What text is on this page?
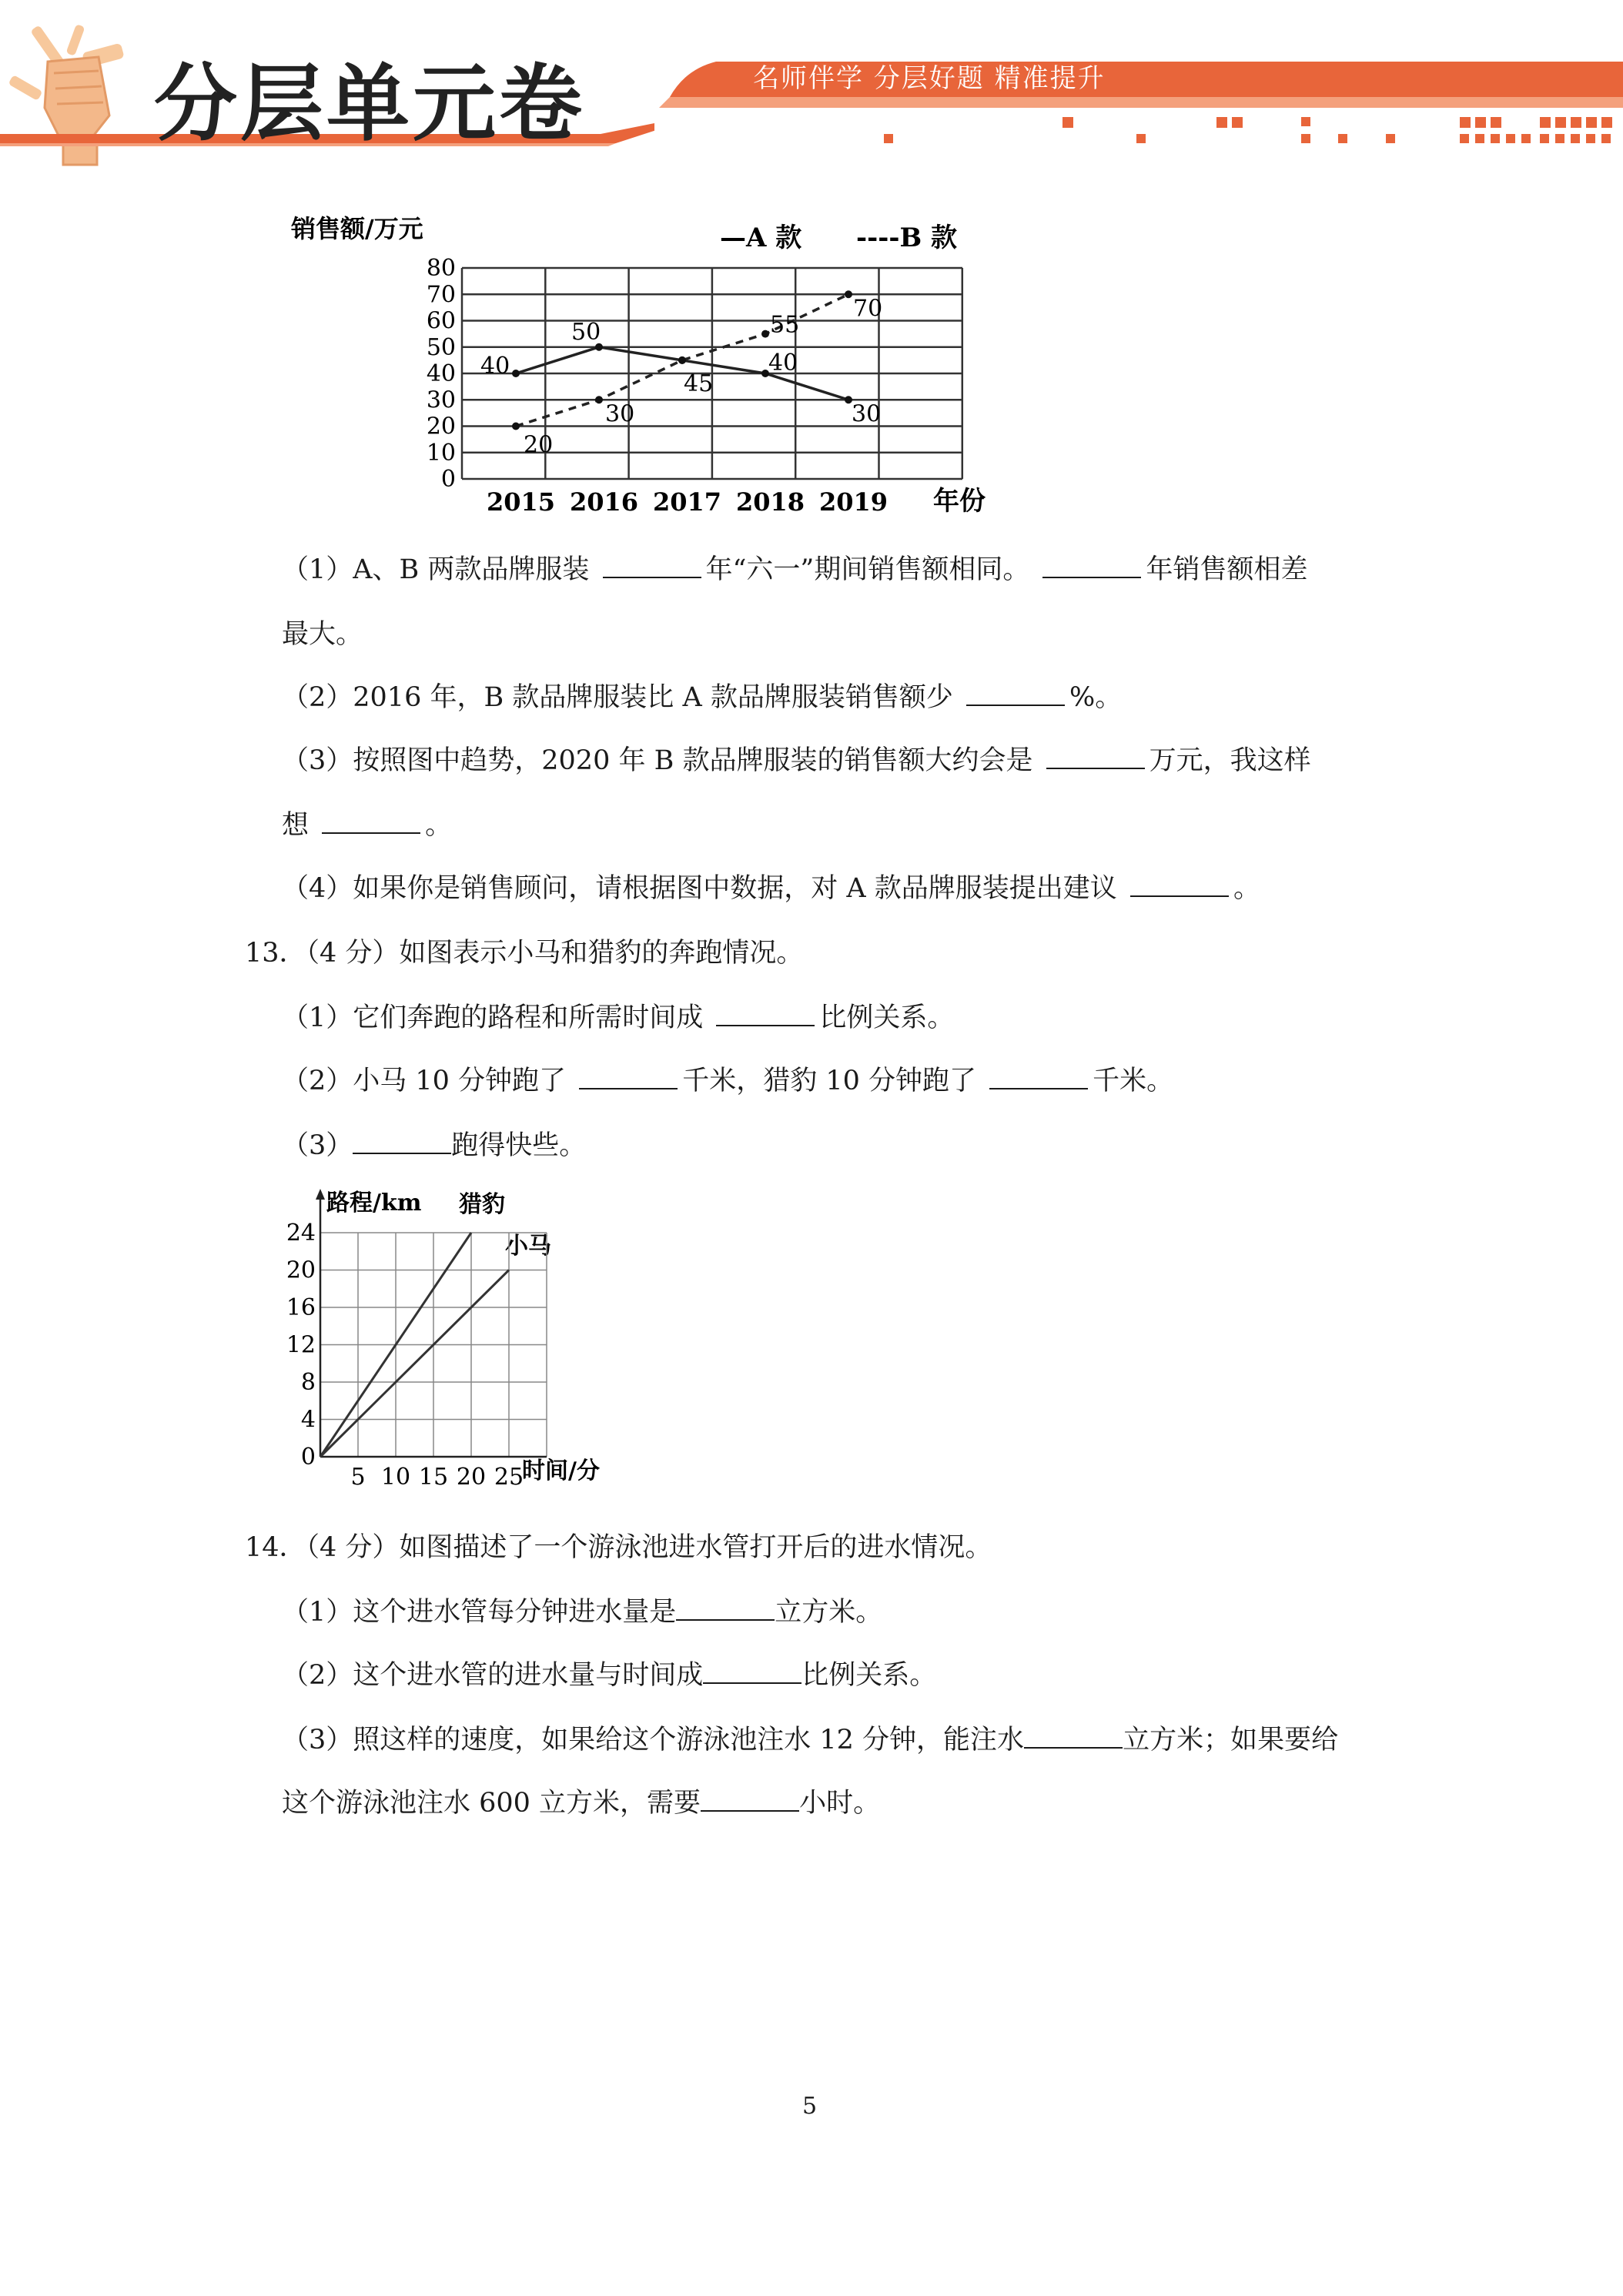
分层单元卷	名师伴学 分层好题 精准提升
销售额/万元	—A 款 ----B 款
年份
0
10
20
30
40
50
60
70
80
2015 2016 2017 2018 2019
40
50
45
40
30
20
30
55
70
（1）A、B 两款品牌服装	年“六一”期间销售额相同。	年销售额相差
最大。
（2）2016 年，B 款品牌服装比 A 款品牌服装销售额少	%。
（3）按照图中趋势，2020 年 B 款品牌服装的销售额大约会是	万元，我这样
想	。
（4）如果你是销售顾问，请根据图中数据，对 A 款品牌服装提出建议	。
13．（4 分）如图表示小马和猎豹的奔跑情况。
（1）它们奔跑的路程和所需时间成	比例关系。
（2）小马 10 分钟跑了	千米，猎豹 10 分钟跑了	千米。
（3）	跑得快些。
路程/km 猎豹
小马
时间/分
0
4
8
12
16
20
24
5 10 15 20 25
14．（4 分）如图描述了一个游泳池进水管打开后的进水情况。
（1）这个进水管每分钟进水量是	立方米。
（2）这个进水管的进水量与时间成	比例关系。
（3）照这样的速度，如果给这个游泳池注水 12 分钟，能注水	立方米；如果要给
这个游泳池注水 600 立方米，需要	小时。
5
